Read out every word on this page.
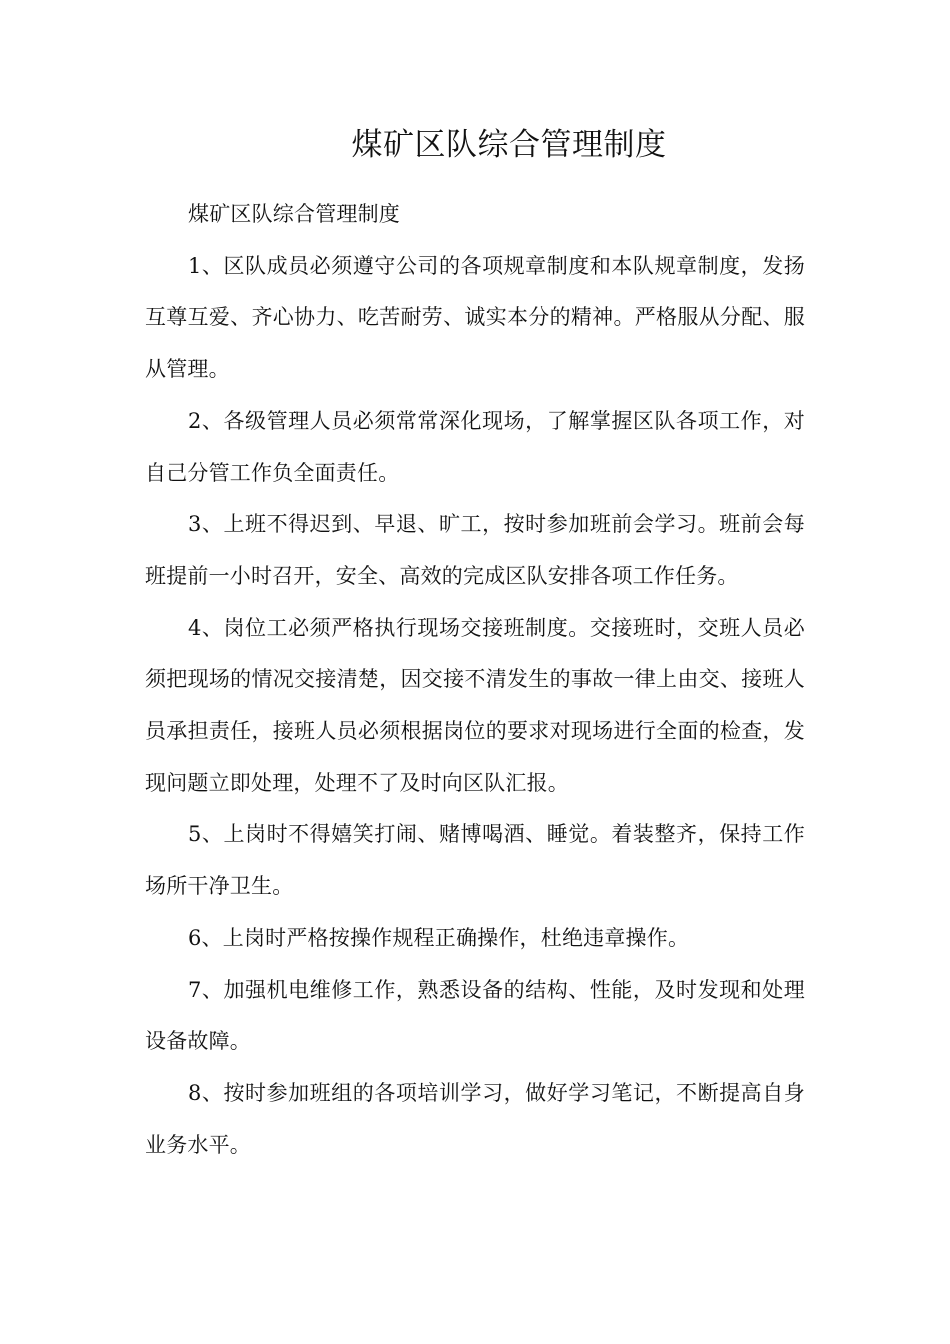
煤矿区队综合管理制度

煤矿区队综合管理制度

1、区队成员必须遵守公司的各项规章制度和本队规章制度，发扬互尊互爱、齐心协力、吃苦耐劳、诚实本分的精神。严格服从分配、服从管理。

2、各级管理人员必须常常深化现场，了解掌握区队各项工作，对自己分管工作负全面责任。

3、上班不得迟到、早退、旷工，按时参加班前会学习。班前会每班提前一小时召开，安全、高效的完成区队安排各项工作任务。

4、岗位工必须严格执行现场交接班制度。交接班时，交班人员必须把现场的情况交接清楚，因交接不清发生的事故一律上由交、接班人员承担责任，接班人员必须根据岗位的要求对现场进行全面的检查，发现问题立即处理，处理不了及时向区队汇报。

5、上岗时不得嬉笑打闹、赌博喝酒、睡觉。着装整齐，保持工作场所干净卫生。

6、上岗时严格按操作规程正确操作，杜绝违章操作。

7、加强机电维修工作，熟悉设备的结构、性能，及时发现和处理设备故障。

8、按时参加班组的各项培训学习，做好学习笔记，不断提高自身业务水平。
